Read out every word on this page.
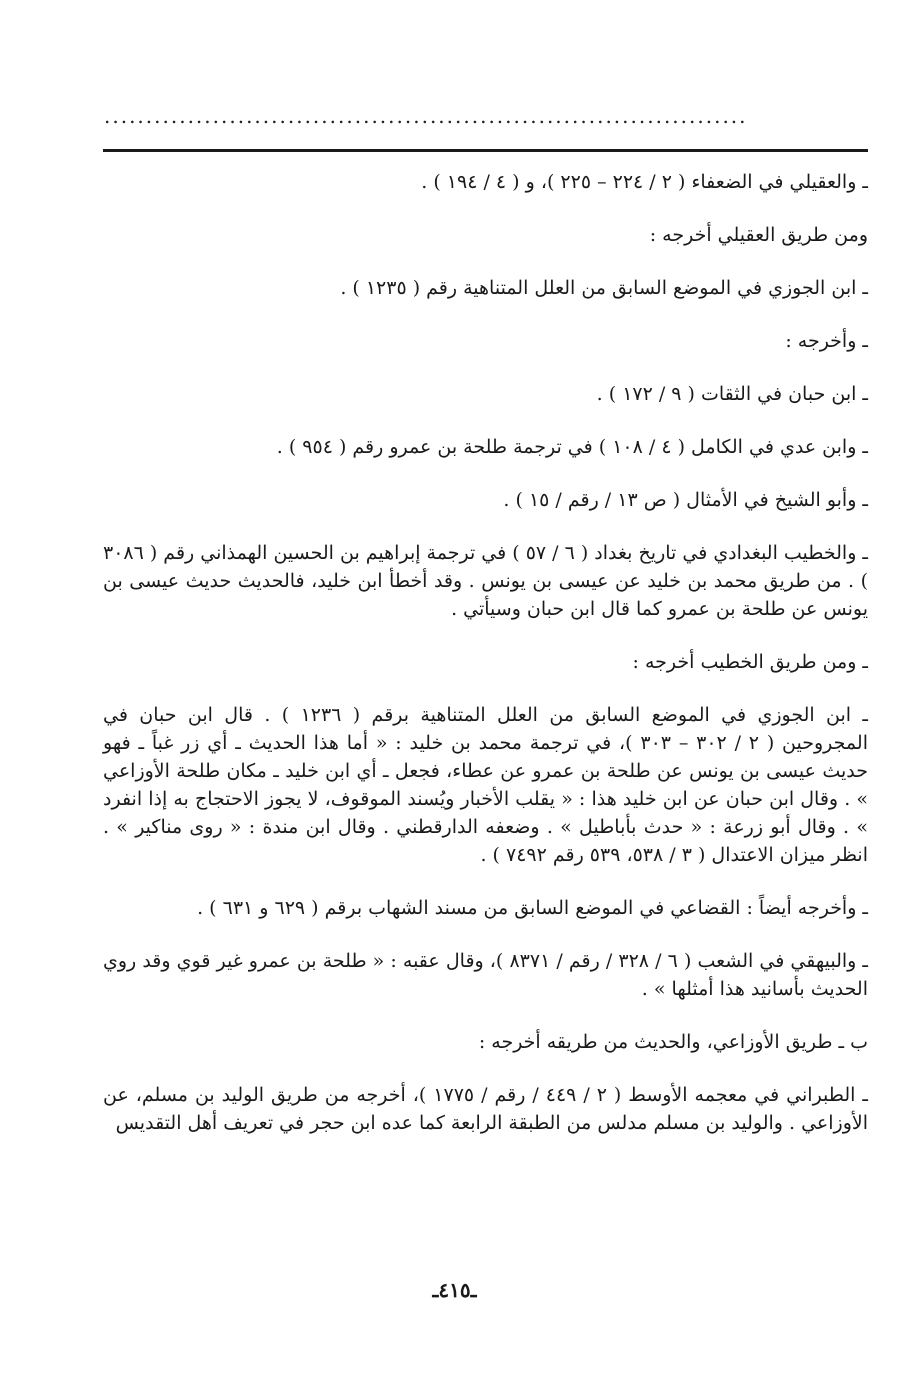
.............................................................................

ـ والعقيلي في الضعفاء ( ٢ / ٢٢٤ – ٢٢٥ )، و ( ٤ / ١٩٤ ) .

ومن طريق العقيلي أخرجه :

ـ ابن الجوزي في الموضع السابق من العلل المتناهية رقم ( ١٢٣٥ ) .

ـ وأخرجه :

ـ ابن حبان في الثقات ( ٩ / ١٧٢ ) .

ـ وابن عدي في الكامل ( ٤ / ١٠٨ ) في ترجمة طلحة بن عمرو رقم ( ٩٥٤ ) .

ـ وأبو الشيخ في الأمثال ( ص ١٣ / رقم / ١٥ ) .

ـ والخطيب البغدادي في تاريخ بغداد ( ٦ / ٥٧ ) في ترجمة إبراهيم بن الحسين الهمذاني رقم ( ٣٠٨٦ ) . من طريق محمد بن خليد عن عيسى بن يونس . وقد أخطأ ابن خليد، فالحديث حديث عيسى بن يونس عن طلحة بن عمرو كما قال ابن حبان وسيأتي .

ـ ومن طريق الخطيب أخرجه :

ـ ابن الجوزي في الموضع السابق من العلل المتناهية برقم ( ١٢٣٦ ) . قال ابن حبان في المجروحين ( ٢ / ٣٠٢ – ٣٠٣ )، في ترجمة محمد بن خليد : « أما هذا الحديث ـ أي زر غباً ـ فهو حديث عيسى بن يونس عن طلحة بن عمرو عن عطاء، فجعل ـ أي ابن خليد ـ مكان طلحة الأوزاعي » . وقال ابن حبان عن ابن خليد هذا : « يقلب الأخبار ويُسند الموقوف، لا يجوز الاحتجاج به إذا انفرد » . وقال أبو زرعة : « حدث بأباطيل » . وضعفه الدارقطني . وقال ابن مندة : « روى مناكير » . انظر ميزان الاعتدال ( ٣ / ٥٣٨، ٥٣٩ رقم ٧٤٩٢ ) .

ـ وأخرجه أيضاً : القضاعي في الموضع السابق من مسند الشهاب برقم ( ٦٢٩ و ٦٣١ ) .

ـ والبيهقي في الشعب ( ٦ / ٣٢٨ / رقم / ٨٣٧١ )، وقال عقبه : « طلحة بن عمرو غير قوي وقد روي الحديث بأسانيد هذا أمثلها » .

ب ـ طريق الأوزاعي، والحديث من طريقه أخرجه :

ـ الطبراني في معجمه الأوسط ( ٢ / ٤٤٩ / رقم / ١٧٧٥ )، أخرجه من طريق الوليد بن مسلم، عن الأوزاعي . والوليد بن مسلم مدلس من الطبقة الرابعة كما عده ابن حجر في تعريف أهل التقديس

ـ٤١٥ـ
